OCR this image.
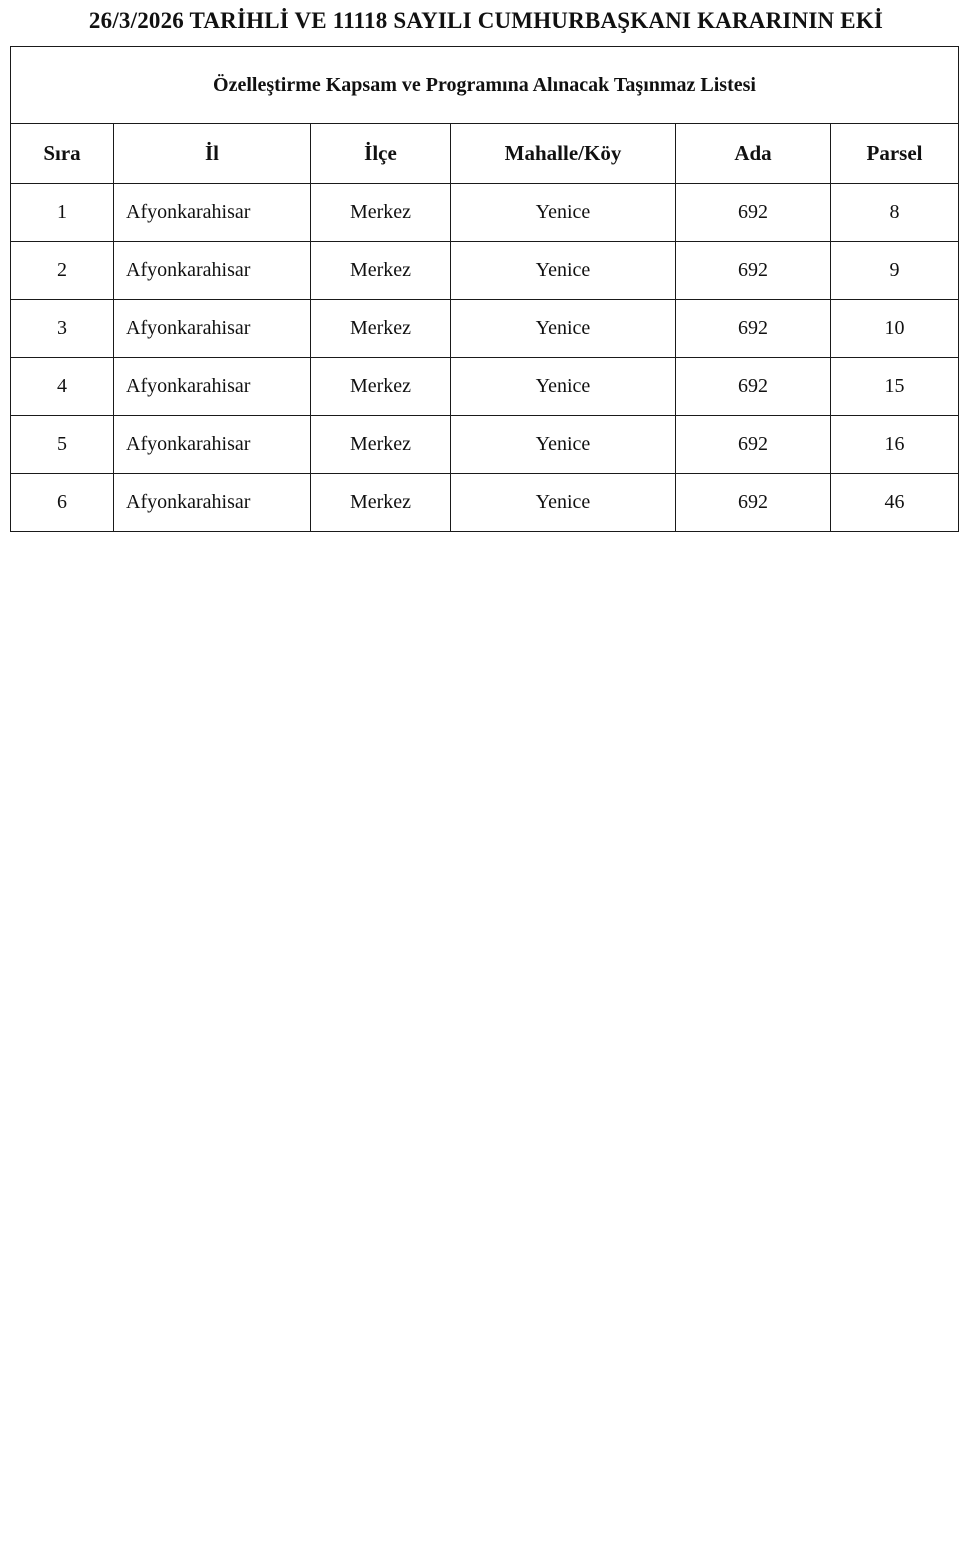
26/3/2026 TARİHLİ VE 11118 SAYILI CUMHURBAŞKANI KARARININ EKİ
Özelleştirme Kapsam ve Programına Alınacak Taşınmaz Listesi					
Sıra	İl	İlçe	Mahalle/Köy	Ada	Parsel
1	Afyonkarahisar	Merkez	Yenice	692	8
2	Afyonkarahisar	Merkez	Yenice	692	9
3	Afyonkarahisar	Merkez	Yenice	692	10
4	Afyonkarahisar	Merkez	Yenice	692	15
5	Afyonkarahisar	Merkez	Yenice	692	16
6	Afyonkarahisar	Merkez	Yenice	692	46
